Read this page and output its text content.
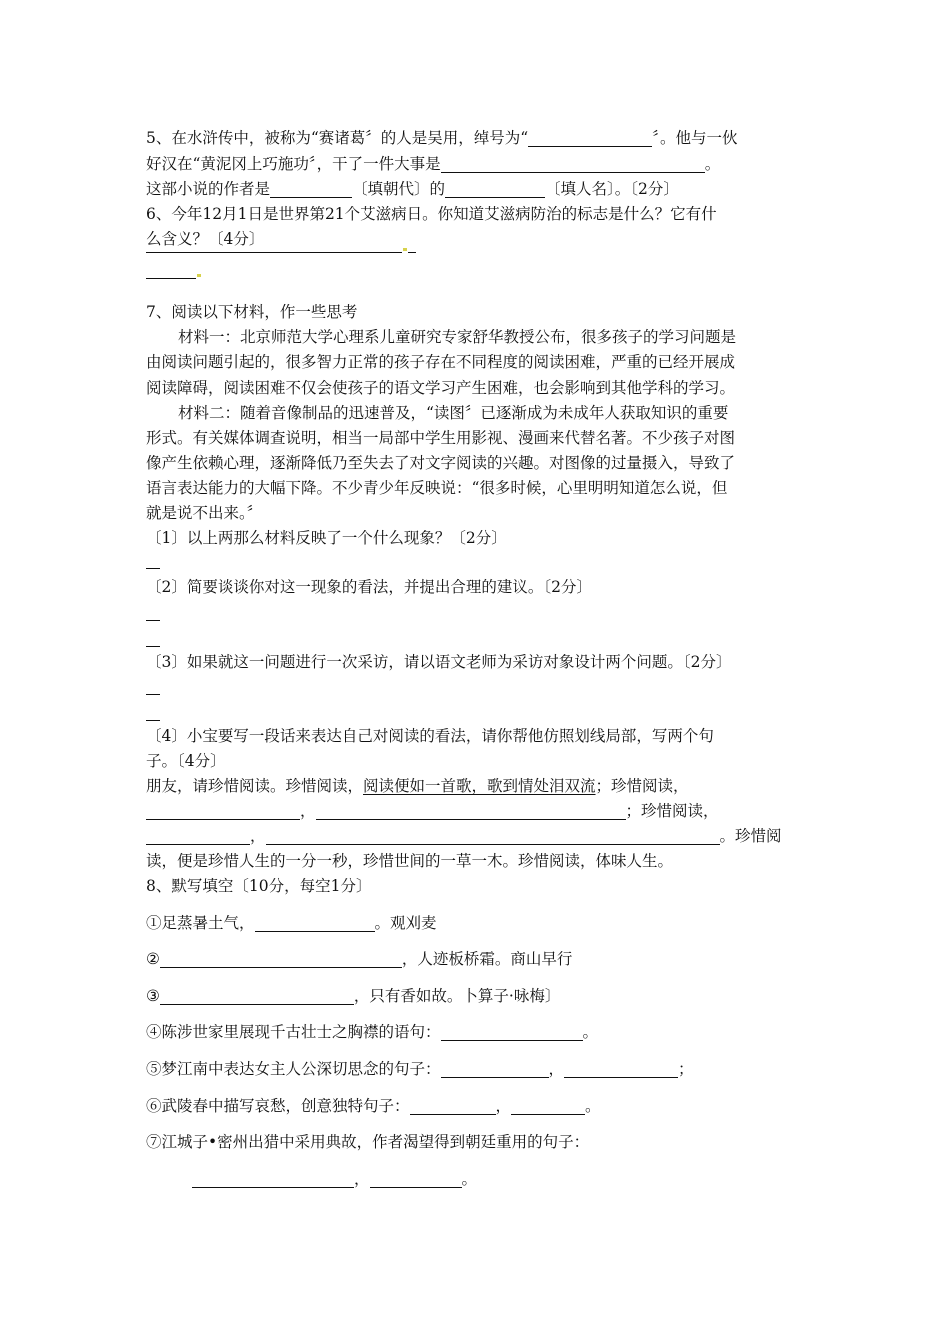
5、在水浒传中，被称为“赛诸葛〞的人是吴用，绰号为“	〞。他与一伙
好汉在“黄泥冈上巧施功〞，干了一件大事是	。
这部小说的作者是	〔填朝代〕的	〔填人名〕。〔2分〕
6、今年12月1日是世界第21个艾滋病日。你知道艾滋病防治的标志是什么？它有什
么含义？〔4分〕
7、阅读以下材料，作一些思考
材料一：北京师范大学心理系儿童研究专家舒华教授公布，很多孩子的学习问题是
由阅读问题引起的，很多智力正常的孩子存在不同程度的阅读困难，严重的已经开展成
阅读障碍，阅读困难不仅会使孩子的语文学习产生困难，也会影响到其他学科的学习。
材料二：随着音像制品的迅速普及，“读图〞已逐渐成为未成年人获取知识的重要
形式。有关媒体调查说明，相当一局部中学生用影视、漫画来代替名著。不少孩子对图
像产生依赖心理，逐渐降低乃至失去了对文字阅读的兴趣。对图像的过量摄入，导致了
语言表达能力的大幅下降。不少青少年反映说：“很多时候，心里明明知道怎么说，但
就是说不出来。〞
〔1〕以上两那么材料反映了一个什么现象？〔2分〕
〔2〕简要谈谈你对这一现象的看法，并提出合理的建议。〔2分〕
〔3〕如果就这一问题进行一次采访，请以语文老师为采访对象设计两个问题。〔2分〕
〔4〕小宝要写一段话来表达自己对阅读的看法，请你帮他仿照划线局部，写两个句
子。〔4分〕
朋友，请珍惜阅读。珍惜阅读，阅读便如一首歌，歌到情处泪双流；珍惜阅读，
，	；珍惜阅读，
，	。珍惜阅
读，便是珍惜人生的一分一秒，珍惜世间的一草一木。珍惜阅读，体味人生。
8、默写填空〔10分，每空1分〕
①足蒸暑土气，	。观刈麦
②	，人迹板桥霜。商山早行
③	，只有香如故。卜算子·咏梅〕
④陈涉世家里展现千古壮士之胸襟的语句：	。
⑤梦江南中表达女主人公深切思念的句子：	，	；
⑥武陵春中描写哀愁，创意独特句子：	，	。
⑦江城子•密州出猎中采用典故，作者渴望得到朝廷重用的句子：
，	。
